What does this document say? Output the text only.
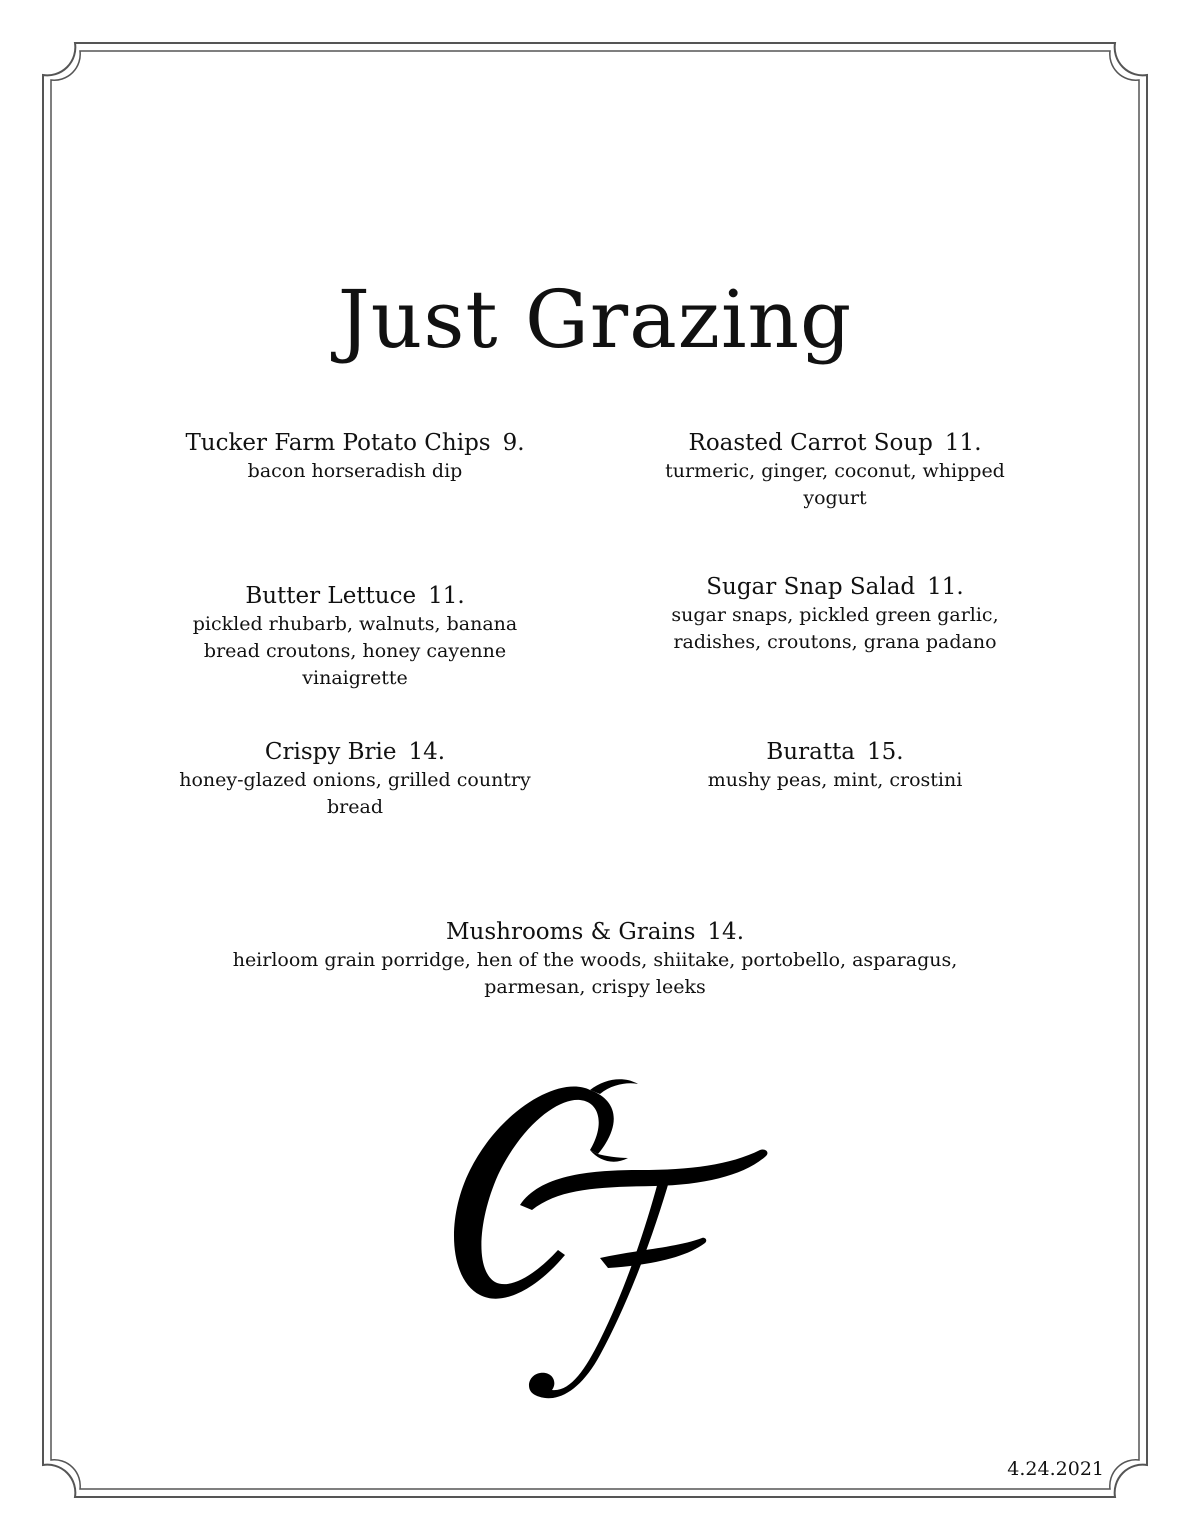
Just Grazing
Tucker Farm Potato Chips 9.
bacon horseradish dip
Roasted Carrot Soup 11.
turmeric, ginger, coconut, whipped yogurt
Butter Lettuce 11.
pickled rhubarb, walnuts, banana bread croutons, honey cayenne vinaigrette
Sugar Snap Salad 11.
sugar snaps, pickled green garlic, radishes, croutons, grana padano
Crispy Brie 14.
honey-glazed onions, grilled country bread
Buratta 15.
mushy peas, mint, crostini
Mushrooms & Grains 14.
heirloom grain porridge, hen of the woods, shiitake, portobello, asparagus, parmesan, crispy leeks
4.24.2021
